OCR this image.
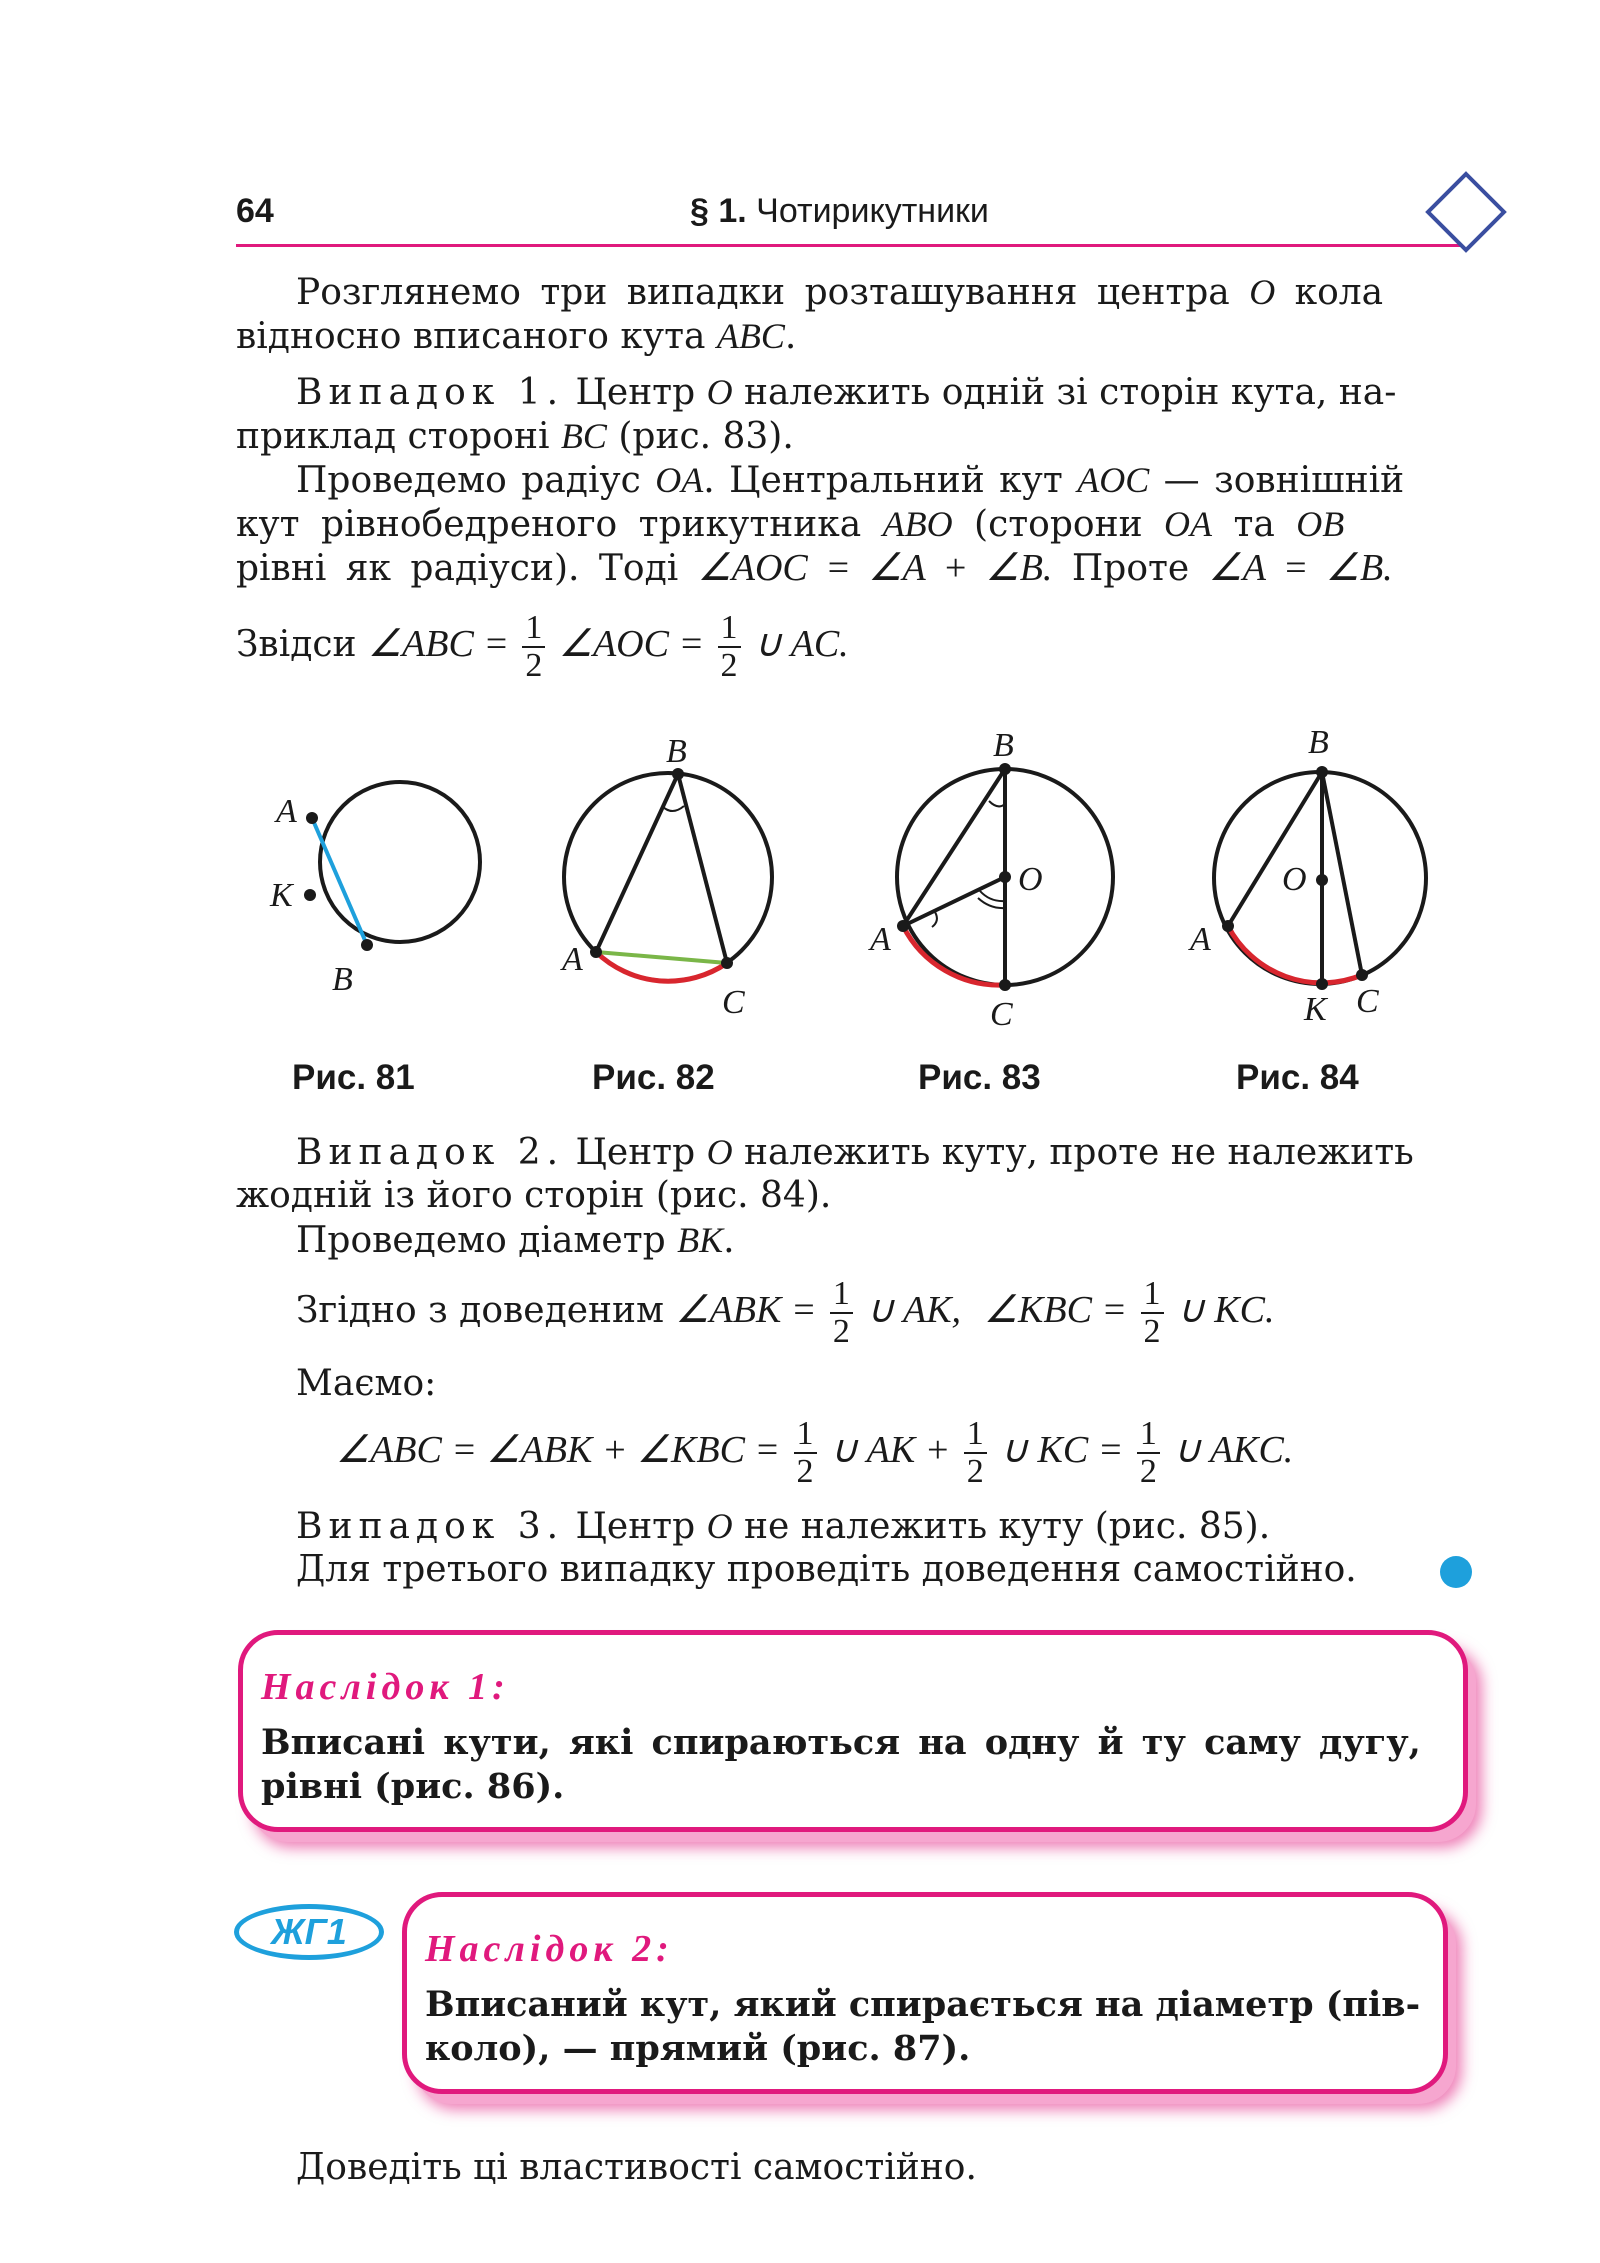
64	§ 1. Чотирикутники
Розглянемо три випадки розташування центра O кола
відносно вписаного кута ABC.
Випадок 1. Центр O належить одній зі сторін кута, на-
приклад стороні BC (рис. 83).
Проведемо радіус OA. Центральний кут AOC — зовнішній
кут рівнобедреного трикутника ABO (сторони OA та OB
рівні як радіуси). Тоді ∠AOC = ∠A + ∠B. Проте ∠A = ∠B.
Звідси ∠ABC = $\frac{1}{2}$ ∠AOC = $\frac{1}{2}$ ∪ AC.
A
K
B
B
A
C
B
O
A
C
B
O
A
K C
Рис. 81	Рис. 82	Рис. 83	Рис. 84
Випадок 2. Центр O належить куту, проте не належить
жодній із його сторін (рис. 84).
Проведемо діаметр BK.
Згідно з доведеним ∠ABK = $\frac{1}{2}$ ∪ AK, ∠KBC = $\frac{1}{2}$ ∪ KC.
Маємо:
∠ABC = ∠ABK + ∠KBC = $\frac{1}{2}$ ∪ AK + $\frac{1}{2}$ ∪ KC = $\frac{1}{2}$ ∪ AKC.
Випадок 3. Центр O не належить куту (рис. 85).
Для третього випадку проведіть доведення самостійно.
Наслідок 1:
Вписані кути, які спираються на одну й ту саму дугу,
рівні (рис. 86).
ЖГ1	Наслідок 2:
Вписаний кут, який спирається на діаметр (пів-
коло), — прямий (рис. 87).
Доведіть ці властивості самостійно.
